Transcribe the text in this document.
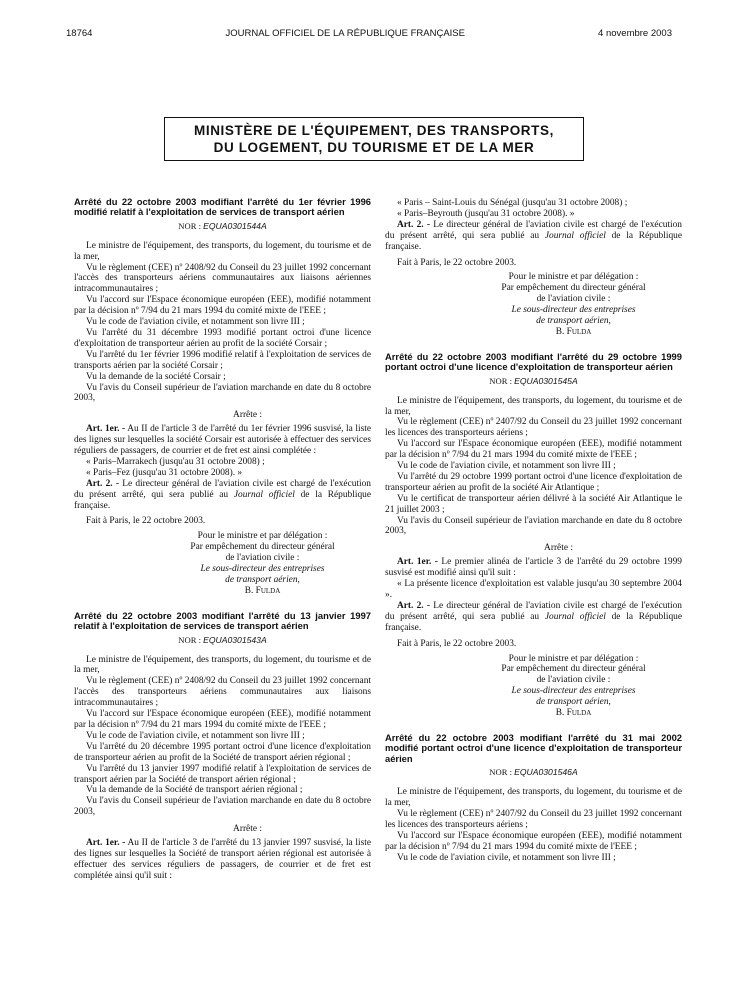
18764	JOURNAL OFFICIEL DE LA RÉPUBLIQUE FRANÇAISE	4 novembre 2003
MINISTÈRE DE L'ÉQUIPEMENT, DES TRANSPORTS,
DU LOGEMENT, DU TOURISME ET DE LA MER

Arrêté du 22 octobre 2003 modifiant l'arrêté du 1er février 1996 modifié relatif à l'exploitation de services de transport aérien

NOR : EQUA0301544A

Le ministre de l'équipement, des transports, du logement, du tourisme et de la mer,

Vu le règlement (CEE) nº 2408/92 du Conseil du 23 juillet 1992 concernant l'accès des transporteurs aériens communautaires aux liaisons aériennes intracommunautaires ;

Vu l'accord sur l'Espace économique européen (EEE), modifié notamment par la décision nº 7/94 du 21 mars 1994 du comité mixte de l'EEE ;

Vu le code de l'aviation civile, et notamment son livre III ;

Vu l'arrêté du 31 décembre 1993 modifié portant octroi d'une licence d'exploitation de transporteur aérien au profit de la société Corsair ;

Vu l'arrêté du 1er février 1996 modifié relatif à l'exploitation de services de transports aérien par la société Corsair ;

Vu la demande de la société Corsair ;

Vu l'avis du Conseil supérieur de l'aviation marchande en date du 8 octobre 2003,

Arrête :

Art. 1er. - Au II de l'article 3 de l'arrêté du 1er février 1996 susvisé, la liste des lignes sur lesquelles la société Corsair est autorisée à effectuer des services réguliers de passagers, de courrier et de fret est ainsi complétée :

« Paris–Marrakech (jusqu'au 31 octobre 2008) ;

« Paris–Fez (jusqu'au 31 octobre 2008). »

Art. 2. - Le directeur général de l'aviation civile est chargé de l'exécution du présent arrêté, qui sera publié au Journal officiel de la République française.

Fait à Paris, le 22 octobre 2003.

Pour le ministre et par délégation :
Par empêchement du directeur général
de l'aviation civile :
Le sous-directeur des entreprises
de transport aérien,
B. Fulda

Arrêté du 22 octobre 2003 modifiant l'arrêté du 13 janvier 1997 relatif à l'exploitation de services de transport aérien

NOR : EQUA0301543A

Le ministre de l'équipement, des transports, du logement, du tourisme et de la mer,

Vu le règlement (CEE) nº 2408/92 du Conseil du 23 juillet 1992 concernant l'accès des transporteurs aériens communautaires aux liaisons intracommunautaires ;

Vu l'accord sur l'Espace économique européen (EEE), modifié notamment par la décision nº 7/94 du 21 mars 1994 du comité mixte de l'EEE ;

Vu le code de l'aviation civile, et notamment son livre III ;

Vu l'arrêté du 20 décembre 1995 portant octroi d'une licence d'exploitation de transporteur aérien au profit de la Société de transport aérien régional ;

Vu l'arrêté du 13 janvier 1997 modifié relatif à l'exploitation de services de transport aérien par la Société de transport aérien régional ;

Vu la demande de la Société de transport aérien régional ;

Vu l'avis du Conseil supérieur de l'aviation marchande en date du 8 octobre 2003,

Arrête :

Art. 1er. - Au II de l'article 3 de l'arrêté du 13 janvier 1997 susvisé, la liste des lignes sur lesquelles la Société de transport aérien régional est autorisée à effectuer des services réguliers de passagers, de courrier et de fret est complétée ainsi qu'il suit :

« Paris – Saint-Louis du Sénégal (jusqu'au 31 octobre 2008) ;

« Paris–Beyrouth (jusqu'au 31 octobre 2008). »

Art. 2. - Le directeur général de l'aviation civile est chargé de l'exécution du présent arrêté, qui sera publié au Journal officiel de la République française.

Fait à Paris, le 22 octobre 2003.

Pour le ministre et par délégation :
Par empêchement du directeur général
de l'aviation civile :
Le sous-directeur des entreprises
de transport aérien,
B. Fulda

Arrêté du 22 octobre 2003 modifiant l'arrêté du 29 octobre 1999 portant octroi d'une licence d'exploitation de transporteur aérien

NOR : EQUA0301545A

Le ministre de l'équipement, des transports, du logement, du tourisme et de la mer,

Vu le règlement (CEE) nº 2407/92 du Conseil du 23 juillet 1992 concernant les licences des transporteurs aériens ;

Vu l'accord sur l'Espace économique européen (EEE), modifié notamment par la décision nº 7/94 du 21 mars 1994 du comité mixte de l'EEE ;

Vu le code de l'aviation civile, et notamment son livre III ;

Vu l'arrêté du 29 octobre 1999 portant octroi d'une licence d'exploitation de transporteur aérien au profit de la société Air Atlantique ;

Vu le certificat de transporteur aérien délivré à la société Air Atlantique le 21 juillet 2003 ;

Vu l'avis du Conseil supérieur de l'aviation marchande en date du 8 octobre 2003,

Arrête :

Art. 1er. - Le premier alinéa de l'article 3 de l'arrêté du 29 octobre 1999 susvisé est modifié ainsi qu'il suit :

« La présente licence d'exploitation est valable jusqu'au 30 septembre 2004 ».

Art. 2. - Le directeur général de l'aviation civile est chargé de l'exécution du présent arrêté, qui sera publié au Journal officiel de la République française.

Fait à Paris, le 22 octobre 2003.

Pour le ministre et par délégation :
Par empêchement du directeur général
de l'aviation civile :
Le sous-directeur des entreprises
de transport aérien,
B. Fulda

Arrêté du 22 octobre 2003 modifiant l'arrêté du 31 mai 2002 modifié portant octroi d'une licence d'exploitation de transporteur aérien

NOR : EQUA0301546A

Le ministre de l'équipement, des transports, du logement, du tourisme et de la mer,

Vu le règlement (CEE) nº 2407/92 du Conseil du 23 juillet 1992 concernant les licences des transporteurs aériens ;

Vu l'accord sur l'Espace économique européen (EEE), modifié notamment par la décision nº 7/94 du 21 mars 1994 du comité mixte de l'EEE ;

Vu le code de l'aviation civile, et notamment son livre III ;
